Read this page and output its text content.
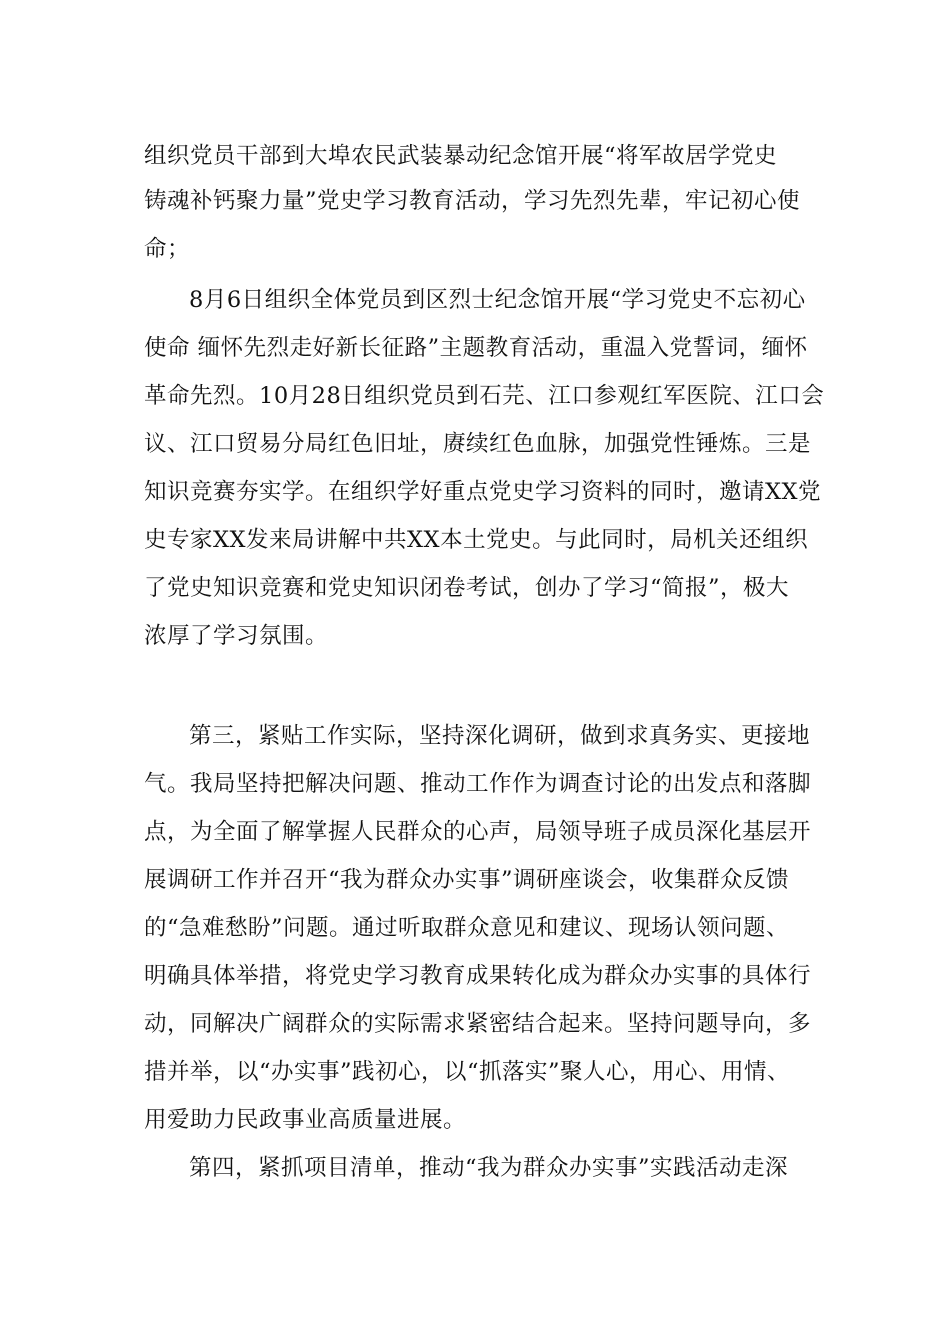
组织党员干部到大埠农民武装暴动纪念馆开展“将军故居学党史
铸魂补钙聚力量”党史学习教育活动，学习先烈先辈，牢记初心使
命；
8月6日组织全体党员到区烈士纪念馆开展“学习党史不忘初心
使命 缅怀先烈走好新长征路”主题教育活动，重温入党誓词，缅怀
革命先烈。10月28日组织党员到石芫、江口参观红军医院、江口会
议、江口贸易分局红色旧址，赓续红色血脉，加强党性锤炼。三是
知识竞赛夯实学。在组织学好重点党史学习资料的同时，邀请XX党
史专家XX发来局讲解中共XX本土党史。与此同时，局机关还组织
了党史知识竞赛和党史知识闭卷考试，创办了学习“简报”，极大
浓厚了学习氛围。
第三，紧贴工作实际，坚持深化调研，做到求真务实、更接地
气。我局坚持把解决问题、推动工作作为调查讨论的出发点和落脚
点，为全面了解掌握人民群众的心声，局领导班子成员深化基层开
展调研工作并召开“我为群众办实事”调研座谈会，收集群众反馈
的“急难愁盼”问题。通过听取群众意见和建议、现场认领问题、
明确具体举措，将党史学习教育成果转化成为群众办实事的具体行
动，同解决广阔群众的实际需求紧密结合起来。坚持问题导向，多
措并举，以“办实事”践初心，以“抓落实”聚人心，用心、用情、
用爱助力民政事业高质量进展。
第四，紧抓项目清单，推动“我为群众办实事”实践活动走深
